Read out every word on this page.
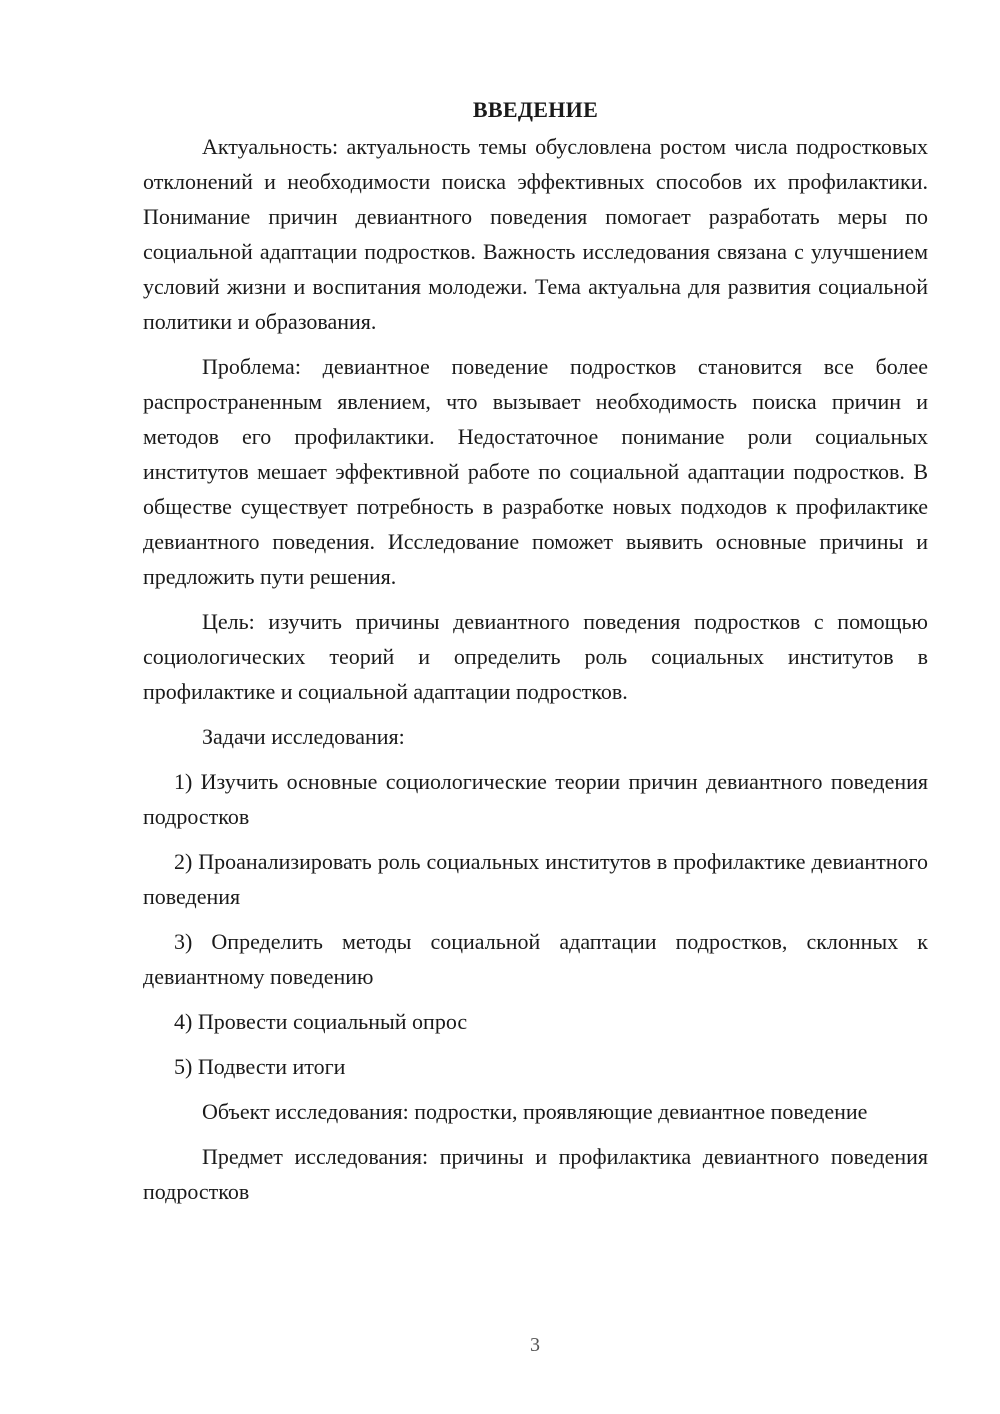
ВВЕДЕНИЕ

Актуальность: актуальность темы обусловлена ростом числа подростковых отклонений и необходимости поиска эффективных способов их профилактики. Понимание причин девиантного поведения помогает разработать меры по социальной адаптации подростков. Важность исследования связана с улучшением условий жизни и воспитания молодежи. Тема актуальна для развития социальной политики и образования.

Проблема: девиантное поведение подростков становится все более распространенным явлением, что вызывает необходимость поиска причин и методов его профилактики. Недостаточное понимание роли социальных институтов мешает эффективной работе по социальной адаптации подростков. В обществе существует потребность в разработке новых подходов к профилактике девиантного поведения. Исследование поможет выявить основные причины и предложить пути решения.

Цель: изучить причины девиантного поведения подростков с помощью социологических теорий и определить роль социальных институтов в профилактике и социальной адаптации подростков.

Задачи исследования:

1) Изучить основные социологические теории причин девиантного поведения подростков

2) Проанализировать роль социальных институтов в профилактике девиантного поведения

3) Определить методы социальной адаптации подростков, склонных к девиантному поведению

4) Провести социальный опрос

5) Подвести итоги

Объект исследования: подростки, проявляющие девиантное поведение

Предмет исследования: причины и профилактика девиантного поведения подростков

3
